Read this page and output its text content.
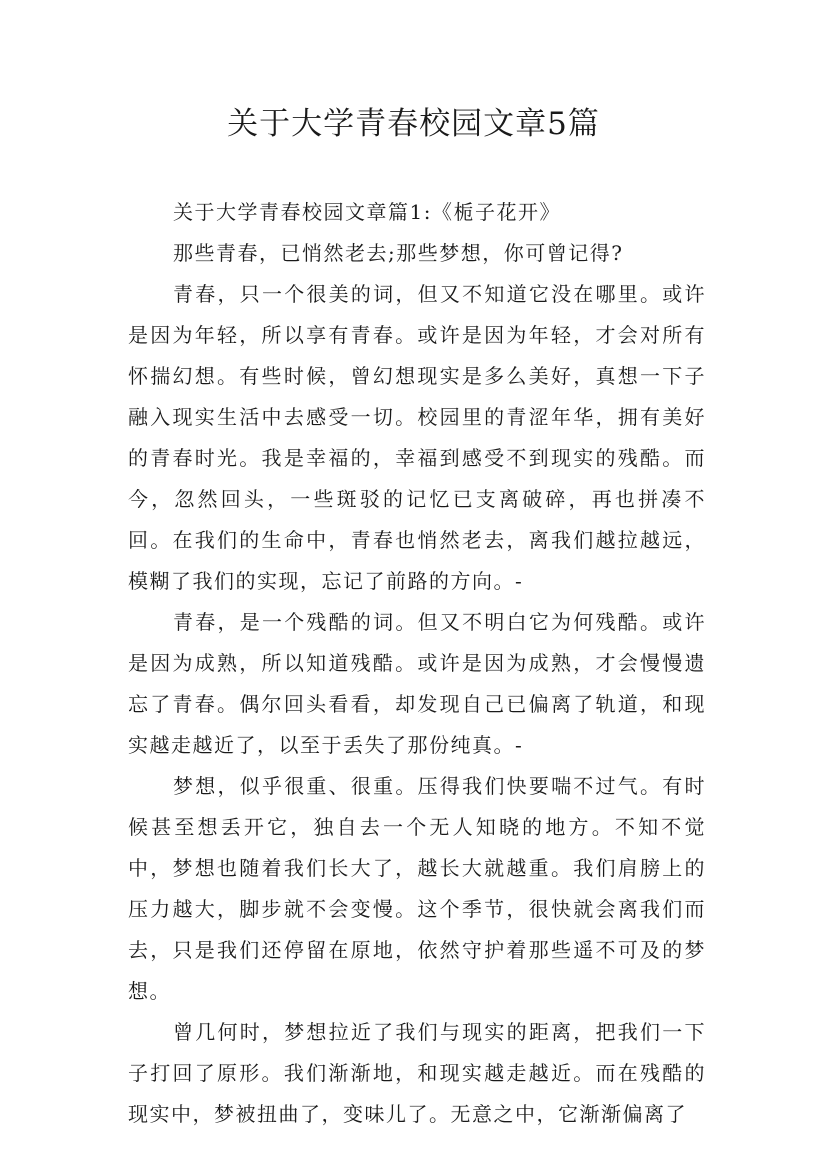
关于大学青春校园文章5篇

关于大学青春校园文章篇1:《栀子花开》

那些青春，已悄然老去;那些梦想，你可曾记得?

青春，只一个很美的词，但又不知道它没在哪里。或许是因为年轻，所以享有青春。或许是因为年轻，才会对所有怀揣幻想。有些时候，曾幻想现实是多么美好，真想一下子融入现实生活中去感受一切。校园里的青涩年华，拥有美好的青春时光。我是幸福的，幸福到感受不到现实的残酷。而今，忽然回头，一些斑驳的记忆已支离破碎，再也拼凑不回。在我们的生命中，青春也悄然老去，离我们越拉越远，模糊了我们的实现，忘记了前路的方向。-

青春，是一个残酷的词。但又不明白它为何残酷。或许是因为成熟，所以知道残酷。或许是因为成熟，才会慢慢遗忘了青春。偶尔回头看看，却发现自己已偏离了轨道，和现实越走越近了，以至于丢失了那份纯真。-

梦想，似乎很重、很重。压得我们快要喘不过气。有时候甚至想丢开它，独自去一个无人知晓的地方。不知不觉中，梦想也随着我们长大了，越长大就越重。我们肩膀上的压力越大，脚步就不会变慢。这个季节，很快就会离我们而去，只是我们还停留在原地，依然守护着那些遥不可及的梦想。

曾几何时，梦想拉近了我们与现实的距离，把我们一下子打回了原形。我们渐渐地，和现实越走越近。而在残酷的现实中，梦被扭曲了，变味儿了。无意之中，它渐渐偏离了
